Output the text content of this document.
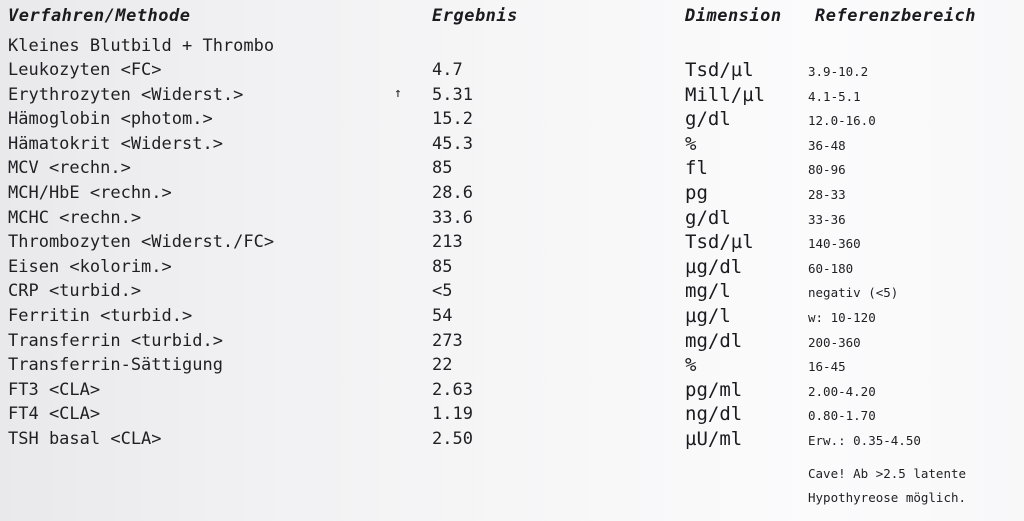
Verfahren/Methode	Ergebnis	Dimension Referenzbereich
Kleines Blutbild + Thrombo
Leukozyten <FC>	4.7	Tsd/µl	3.9-10.2
Erythrozyten <Widerst.>	↑ 5.31	Mill/µl	4.1-5.1
Hämoglobin <photom.>	15.2	g/dl	12.0-16.0
Hämatokrit <Widerst.>	45.3	%	36-48
MCV <rechn.>	85	fl	80-96
MCH/HbE <rechn.>	28.6	pg	28-33
MCHC <rechn.>	33.6	g/dl	33-36
Thrombozyten <Widerst./FC>	213	Tsd/µl	140-360
Eisen <kolorim.>	85	µg/dl	60-180
CRP <turbid.>	<5	mg/l	negativ (<5)
Ferritin <turbid.>	54	µg/l	w: 10-120
Transferrin <turbid.>	273	mg/dl	200-360
Transferrin-Sättigung	22	%	16-45
FT3 <CLA>	2.63	pg/ml	2.00-4.20
FT4 <CLA>	1.19	ng/dl	0.80-1.70
TSH basal <CLA>	2.50	µU/ml	Erw.: 0.35-4.50
Cave! Ab >2.5 latente
Hypothyreose möglich.
